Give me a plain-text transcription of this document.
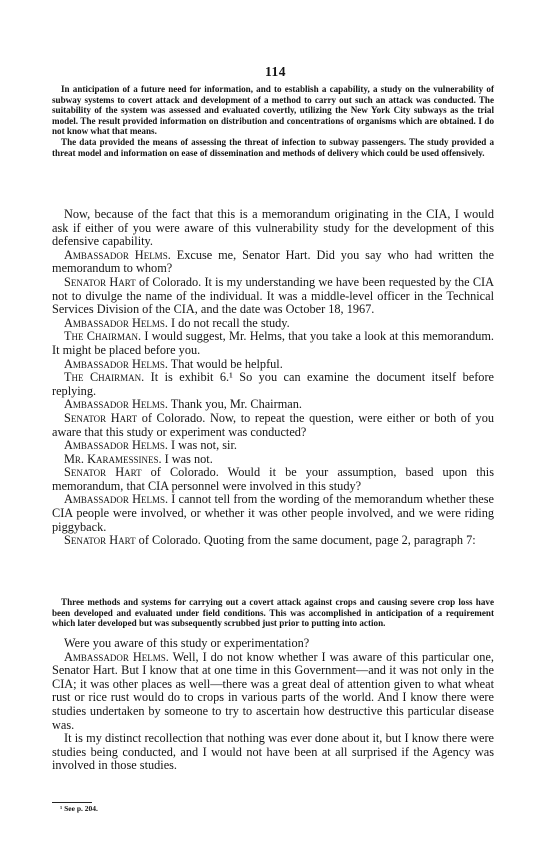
114

In anticipation of a future need for information, and to establish a capability, a study on the vulnerability of subway systems to covert attack and development of a method to carry out such an attack was conducted. The suitability of the system was assessed and evaluated covertly, utilizing the New York City subways as the trial model. The result provided information on distribution and concentrations of organisms which are obtained. I do not know what that means.

The data provided the means of assessing the threat of infection to subway passengers. The study provided a threat model and information on ease of dissemination and methods of delivery which could be used offensively.

Now, because of the fact that this is a memorandum originating in the CIA, I would ask if either of you were aware of this vulnerability study for the development of this defensive capability.

Ambassador Helms. Excuse me, Senator Hart. Did you say who had written the memorandum to whom?

Senator Hart of Colorado. It is my understanding we have been requested by the CIA not to divulge the name of the individual. It was a middle-level officer in the Technical Services Division of the CIA, and the date was October 18, 1967.

Ambassador Helms. I do not recall the study.

The Chairman. I would suggest, Mr. Helms, that you take a look at this memorandum. It might be placed before you.

Ambassador Helms. That would be helpful.

The Chairman. It is exhibit 6.¹ So you can examine the document itself before replying.

Ambassador Helms. Thank you, Mr. Chairman.

Senator Hart of Colorado. Now, to repeat the question, were either or both of you aware that this study or experiment was conducted?

Ambassador Helms. I was not, sir.

Mr. Karamessines. I was not.

Senator Hart of Colorado. Would it be your assumption, based upon this memorandum, that CIA personnel were involved in this study?

Ambassador Helms. I cannot tell from the wording of the memorandum whether these CIA people were involved, or whether it was other people involved, and we were riding piggyback.

Senator Hart of Colorado. Quoting from the same document, page 2, paragraph 7:

Three methods and systems for carrying out a covert attack against crops and causing severe crop loss have been developed and evaluated under field conditions. This was accomplished in anticipation of a requirement which later developed but was subsequently scrubbed just prior to putting into action.

Were you aware of this study or experimentation?

Ambassador Helms. Well, I do not know whether I was aware of this particular one, Senator Hart. But I know that at one time in this Government—and it was not only in the CIA; it was other places as well—there was a great deal of attention given to what wheat rust or rice rust would do to crops in various parts of the world. And I know there were studies undertaken by someone to try to ascertain how destructive this particular disease was.

It is my distinct recollection that nothing was ever done about it, but I know there were studies being conducted, and I would not have been at all surprised if the Agency was involved in those studies.

¹ See p. 204.
